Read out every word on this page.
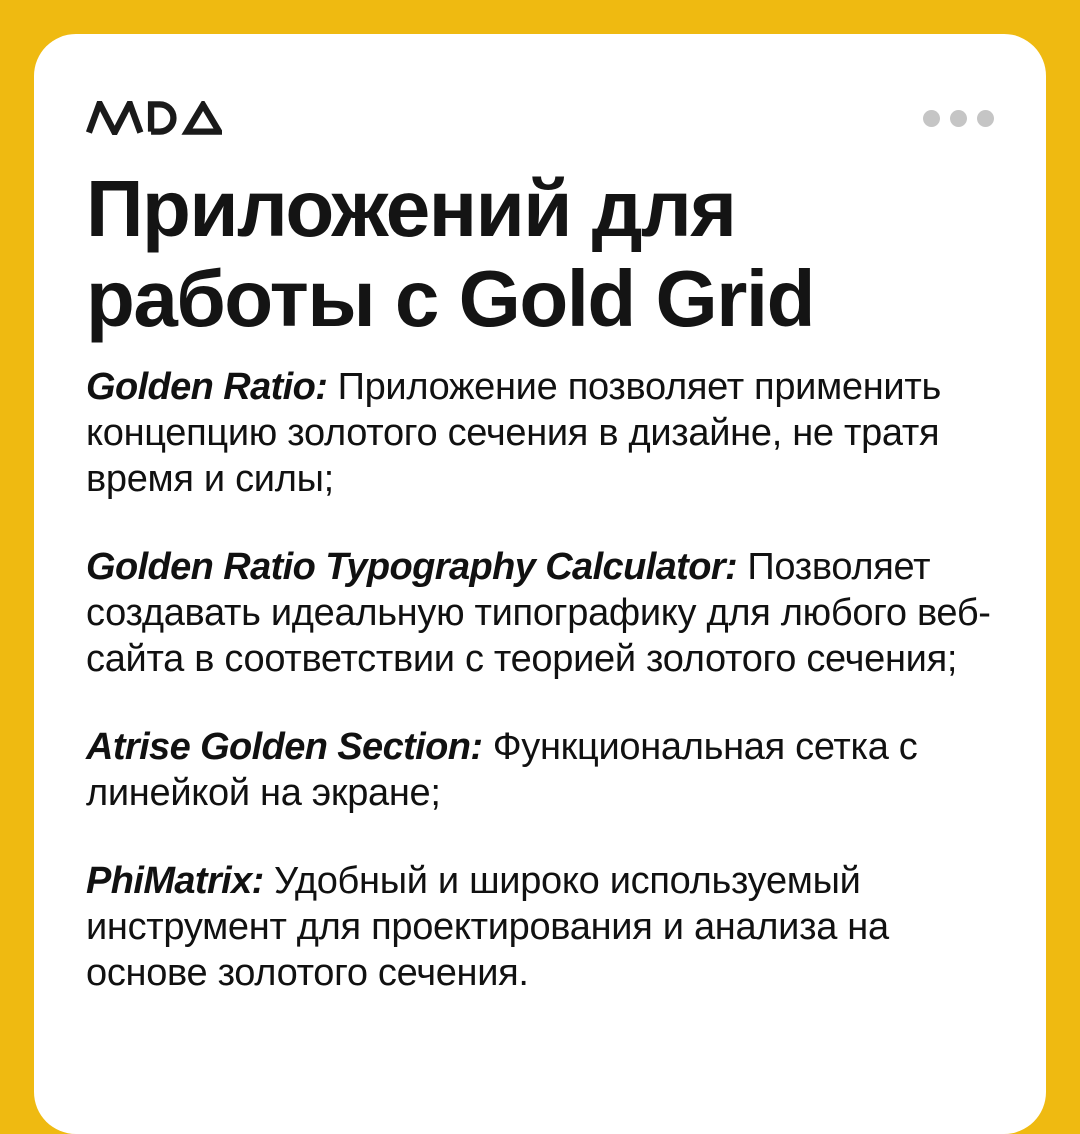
Приложений для
работы с Gold Grid

Golden Ratio: Приложение позволяет применить концепцию золотого сечения в дизайне, не тратя время и силы;

Golden Ratio Typography Calculator: Позволяет создавать идеальную типографику для любого веб-сайта в соответствии с теорией золотого сечения;

Atrise Golden Section: Функциональная сетка с линейкой на экране;

PhiMatrix: Удобный и широко используемый инструмент для проектирования и анализа на основе золотого сечения.
